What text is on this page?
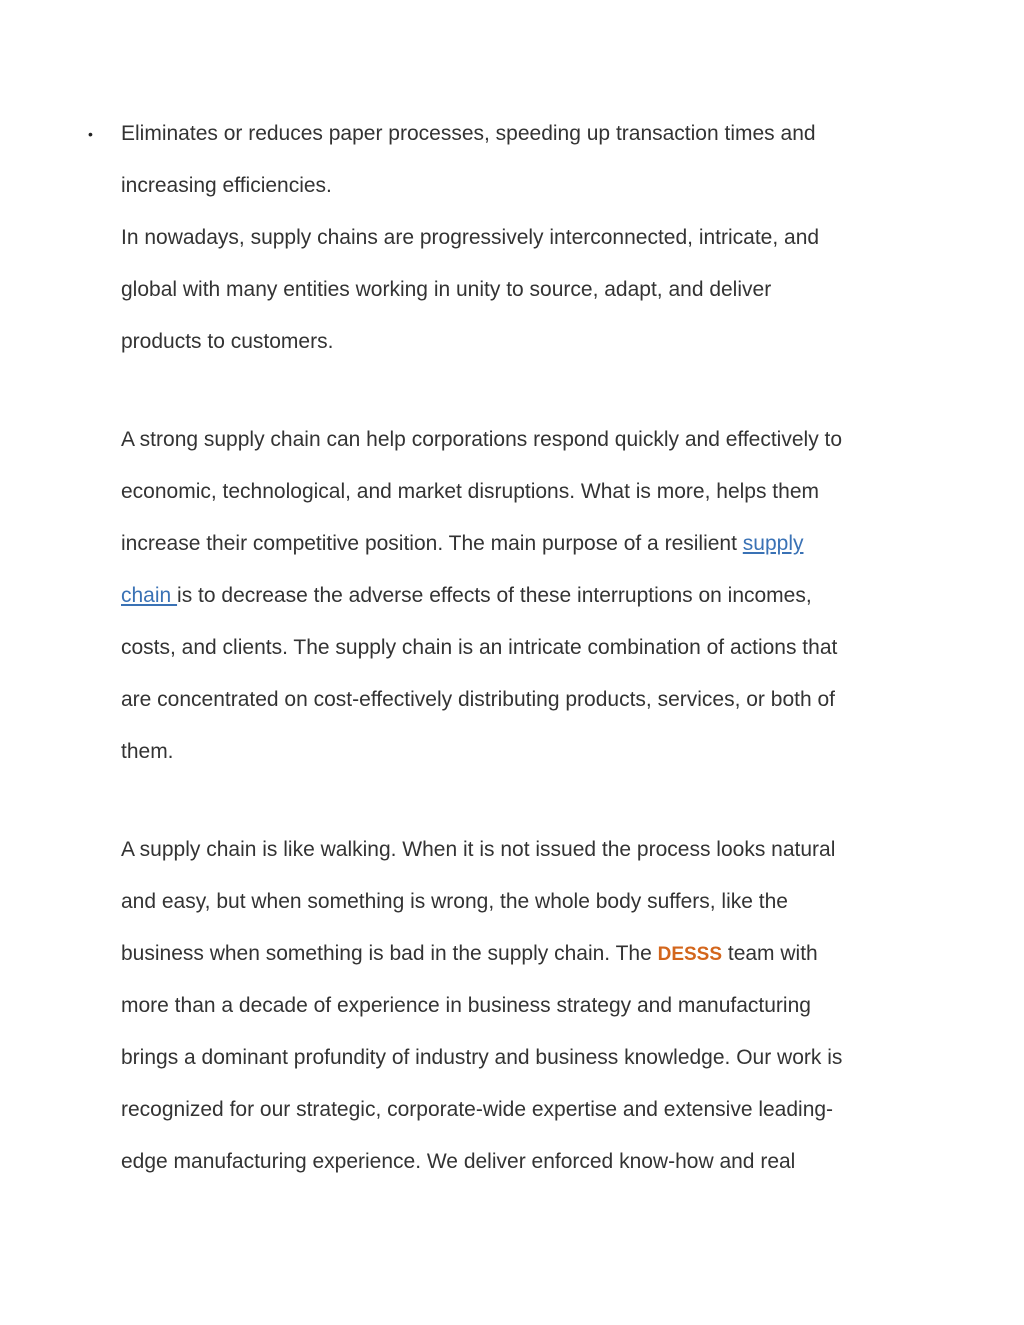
• Eliminates or reduces paper processes, speeding up transaction times and
increasing efficiencies.
In nowadays, supply chains are progressively interconnected, intricate, and
global with many entities working in unity to source, adapt, and deliver
products to customers.
A strong supply chain can help corporations respond quickly and effectively to
economic, technological, and market disruptions. What is more, helps them
increase their competitive position. The main purpose of a resilient supply
chain is to decrease the adverse effects of these interruptions on incomes,
costs, and clients. The supply chain is an intricate combination of actions that
are concentrated on cost-effectively distributing products, services, or both of
them.
A supply chain is like walking. When it is not issued the process looks natural
and easy, but when something is wrong, the whole body suffers, like the
business when something is bad in the supply chain. The DESSS team with
more than a decade of experience in business strategy and manufacturing
brings a dominant profundity of industry and business knowledge. Our work is
recognized for our strategic, corporate-wide expertise and extensive leading-
edge manufacturing experience. We deliver enforced know-how and real
